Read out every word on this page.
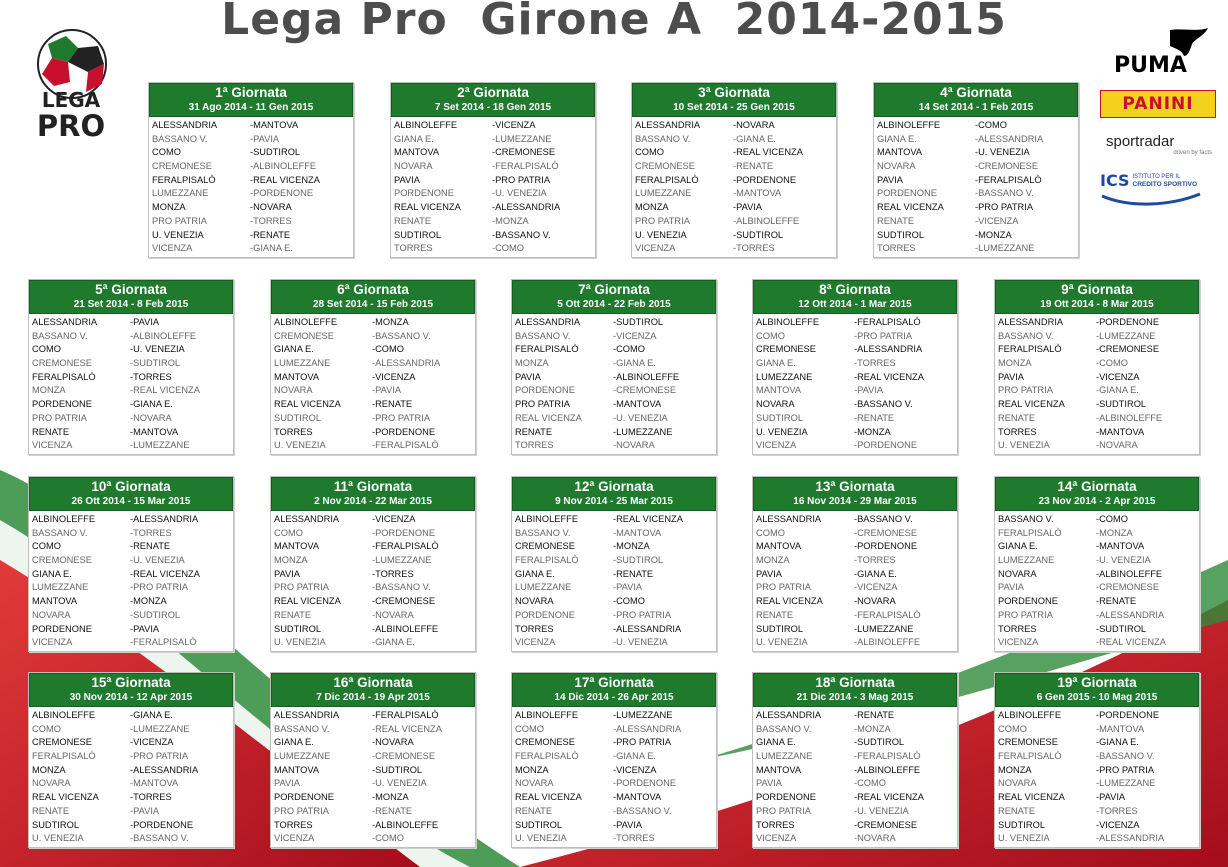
Lega Pro  Girone A  2014-2015
LEGA
PRO
PUMA
PANINI
sportradar
driven by facts
ICS ISTITUTO PER IL
CREDITO SPORTIVO
1ª Giornata
31 Ago 2014 - 11 Gen 2015
ALESSANDRIA	-MANTOVA
BASSANO V.	-PAVIA
COMO	-SUDTIROL
CREMONESE	-ALBINOLEFFE
FERALPISALÒ	-REAL VICENZA
LUMEZZANE	-PORDENONE
MONZA	-NOVARA
PRO PATRIA	-TORRES
U. VENEZIA	-RENATE
VICENZA	-GIANA E.
2ª Giornata
7 Set 2014 - 18 Gen 2015
ALBINOLEFFE	-VICENZA
GIANA E.	-LUMEZZANE
MANTOVA	-CREMONESE
NOVARA	-FERALPISALÒ
PAVIA	-PRO PATRIA
PORDENONE	-U. VENEZIA
REAL VICENZA	-ALESSANDRIA
RENATE	-MONZA
SUDTIROL	-BASSANO V.
TORRES	-COMO
3ª Giornata
10 Set 2014 - 25 Gen 2015
ALESSANDRIA	-NOVARA
BASSANO V.	-GIANA E.
COMO	-REAL VICENZA
CREMONESE	-RENATE
FERALPISALÒ	-PORDENONE
LUMEZZANE	-MANTOVA
MONZA	-PAVIA
PRO PATRIA	-ALBINOLEFFE
U. VENEZIA	-SUDTIROL
VICENZA	-TORRES
4ª Giornata
14 Set 2014 - 1 Feb 2015
ALBINOLEFFE	-COMO
GIANA E.	-ALESSANDRIA
MANTOVA	-U. VENEZIA
NOVARA	-CREMONESE
PAVIA	-FERALPISALÒ
PORDENONE	-BASSANO V.
REAL VICENZA	-PRO PATRIA
RENATE	-VICENZA
SUDTIROL	-MONZA
TORRES	-LUMEZZANE
5ª Giornata
21 Set 2014 - 8 Feb 2015
ALESSANDRIA	-PAVIA
BASSANO V.	-ALBINOLEFFE
COMO	-U. VENEZIA
CREMONESE	-SUDTIROL
FERALPISALÒ	-TORRES
MONZA	-REAL VICENZA
PORDENONE	-GIANA E.
PRO PATRIA	-NOVARA
RENATE	-MANTOVA
VICENZA	-LUMEZZANE
6ª Giornata
28 Set 2014 - 15 Feb 2015
ALBINOLEFFE	-MONZA
CREMONESE	-BASSANO V.
GIANA E.	-COMO
LUMEZZANE	-ALESSANDRIA
MANTOVA	-VICENZA
NOVARA	-PAVIA
REAL VICENZA	-RENATE
SUDTIROL	-PRO PATRIA
TORRES	-PORDENONE
U. VENEZIA	-FERALPISALÒ
7ª Giornata
5 Ott 2014 - 22 Feb 2015
ALESSANDRIA	-SUDTIROL
BASSANO V.	-VICENZA
FERALPISALÒ	-COMO
MONZA	-GIANA E.
PAVIA	-ALBINOLEFFE
PORDENONE	-CREMONESE
PRO PATRIA	-MANTOVA
REAL VICENZA	-U. VENEZIA
RENATE	-LUMEZZANE
TORRES	-NOVARA
8ª Giornata
12 Ott 2014 - 1 Mar 2015
ALBINOLEFFE	-FERALPISALÒ
COMO	-PRO PATRIA
CREMONESE	-ALESSANDRIA
GIANA E.	-TORRES
LUMEZZANE	-REAL VICENZA
MANTOVA	-PAVIA
NOVARA	-BASSANO V.
SUDTIROL	-RENATE
U. VENEZIA	-MONZA
VICENZA	-PORDENONE
9ª Giornata
19 Ott 2014 - 8 Mar 2015
ALESSANDRIA	-PORDENONE
BASSANO V.	-LUMEZZANE
FERALPISALÒ	-CREMONESE
MONZA	-COMO
PAVIA	-VICENZA
PRO PATRIA	-GIANA E.
REAL VICENZA	-SUDTIROL
RENATE	-ALBINOLEFFE
TORRES	-MANTOVA
U. VENEZIA	-NOVARA
10ª Giornata
26 Ott 2014 - 15 Mar 2015
ALBINOLEFFE	-ALESSANDRIA
BASSANO V.	-TORRES
COMO	-RENATE
CREMONESE	-U. VENEZIA
GIANA E.	-REAL VICENZA
LUMEZZANE	-PRO PATRIA
MANTOVA	-MONZA
NOVARA	-SUDTIROL
PORDENONE	-PAVIA
VICENZA	-FERALPISALÒ
11ª Giornata
2 Nov 2014 - 22 Mar 2015
ALESSANDRIA	-VICENZA
COMO	-PORDENONE
MANTOVA	-FERALPISALÒ
MONZA	-LUMEZZANE
PAVIA	-TORRES
PRO PATRIA	-BASSANO V.
REAL VICENZA	-CREMONESE
RENATE	-NOVARA
SUDTIROL	-ALBINOLEFFE
U. VENEZIA	-GIANA E.
12ª Giornata
9 Nov 2014 - 25 Mar 2015
ALBINOLEFFE	-REAL VICENZA
BASSANO V.	-MANTOVA
CREMONESE	-MONZA
FERALPISALÒ	-SUDTIROL
GIANA E.	-RENATE
LUMEZZANE	-PAVIA
NOVARA	-COMO
PORDENONE	-PRO PATRIA
TORRES	-ALESSANDRIA
VICENZA	-U. VENEZIA
13ª Giornata
16 Nov 2014 - 29 Mar 2015
ALESSANDRIA	-BASSANO V.
COMO	-CREMONESE
MANTOVA	-PORDENONE
MONZA	-TORRES
PAVIA	-GIANA E.
PRO PATRIA	-VICENZA
REAL VICENZA	-NOVARA
RENATE	-FERALPISALÒ
SUDTIROL	-LUMEZZANE
U. VENEZIA	-ALBINOLEFFE
14ª Giornata
23 Nov 2014 - 2 Apr 2015
BASSANO V.	-COMO
FERALPISALÒ	-MONZA
GIANA E.	-MANTOVA
LUMEZZANE	-U. VENEZIA
NOVARA	-ALBINOLEFFE
PAVIA	-CREMONESE
PORDENONE	-RENATE
PRO PATRIA	-ALESSANDRIA
TORRES	-SUDTIROL
VICENZA	-REAL VICENZA
15ª Giornata
30 Nov 2014 - 12 Apr 2015
ALBINOLEFFE	-GIANA E.
COMO	-LUMEZZANE
CREMONESE	-VICENZA
FERALPISALÒ	-PRO PATRIA
MONZA	-ALESSANDRIA
NOVARA	-MANTOVA
REAL VICENZA	-TORRES
RENATE	-PAVIA
SUDTIROL	-PORDENONE
U. VENEZIA	-BASSANO V.
16ª Giornata
7 Dic 2014 - 19 Apr 2015
ALESSANDRIA	-FERALPISALÒ
BASSANO V.	-REAL VICENZA
GIANA E.	-NOVARA
LUMEZZANE	-CREMONESE
MANTOVA	-SUDTIROL
PAVIA	-U. VENEZIA
PORDENONE	-MONZA
PRO PATRIA	-RENATE
TORRES	-ALBINOLEFFE
VICENZA	-COMO
17ª Giornata
14 Dic 2014 - 26 Apr 2015
ALBINOLEFFE	-LUMEZZANE
COMO	-ALESSANDRIA
CREMONESE	-PRO PATRIA
FERALPISALÒ	-GIANA E.
MONZA	-VICENZA
NOVARA	-PORDENONE
REAL VICENZA	-MANTOVA
RENATE	-BASSANO V.
SUDTIROL	-PAVIA
U. VENEZIA	-TORRES
18ª Giornata
21 Dic 2014 - 3 Mag 2015
ALESSANDRIA	-RENATE
BASSANO V.	-MONZA
GIANA E.	-SUDTIROL
LUMEZZANE	-FERALPISALÒ
MANTOVA	-ALBINOLEFFE
PAVIA	-COMO
PORDENONE	-REAL VICENZA
PRO PATRIA	-U. VENEZIA
TORRES	-CREMONESE
VICENZA	-NOVARA
19ª Giornata
6 Gen 2015 - 10 Mag 2015
ALBINOLEFFE	-PORDENONE
COMO	-MANTOVA
CREMONESE	-GIANA E.
FERALPISALÒ	-BASSANO V.
MONZA	-PRO PATRIA
NOVARA	-LUMEZZANE
REAL VICENZA	-PAVIA
RENATE	-TORRES
SUDTIROL	-VICENZA
U. VENEZIA	-ALESSANDRIA
